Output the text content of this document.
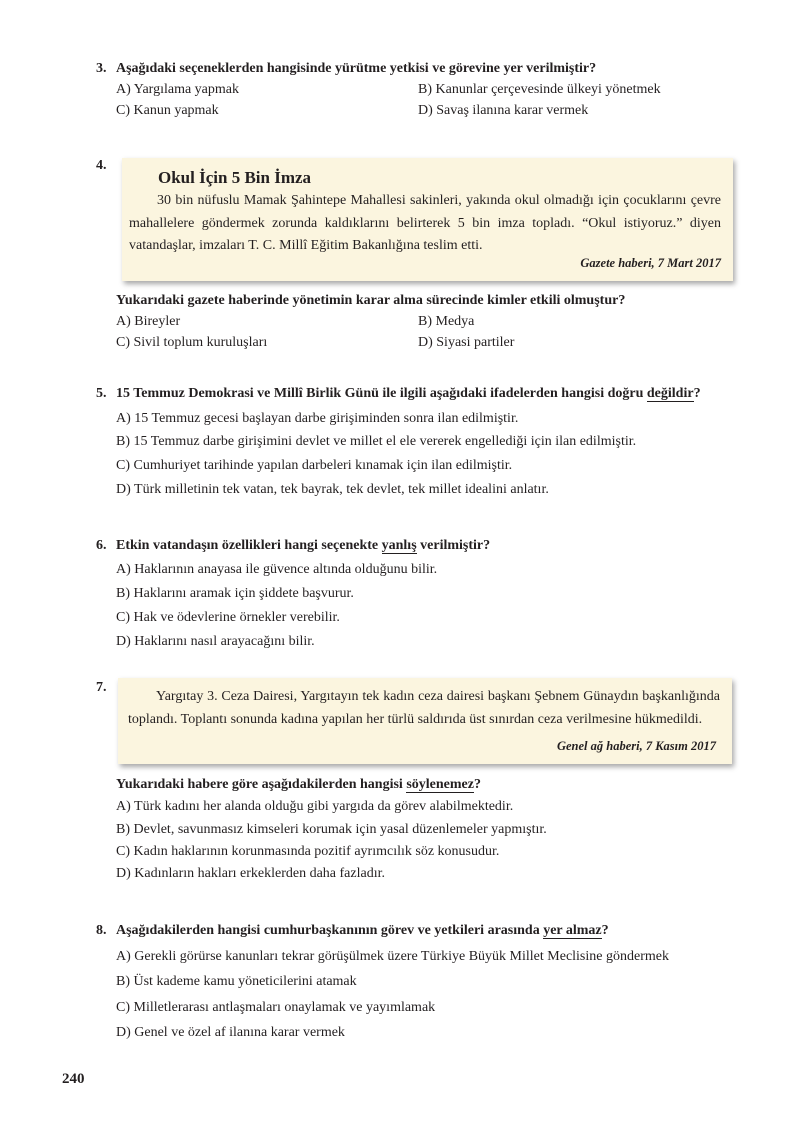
3. Aşağıdaki seçeneklerden hangisinde yürütme yetkisi ve görevine yer verilmiştir?
A) Yargılama yapmak	B) Kanunlar çerçevesinde ülkeyi yönetmek
C) Kanun yapmak	D) Savaş ilanına karar vermek
4.
Okul İçin 5 Bin İmza
30 bin nüfuslu Mamak Şahintepe Mahallesi sakinleri, yakında okul olmadığı için çocuklarını çevre mahallelere göndermek zorunda kaldıklarını belirterek 5 bin imza topladı. “Okul istiyoruz.” diyen vatandaşlar, imzaları T. C. Millî Eğitim Bakanlığına teslim etti.
Gazete haberi, 7 Mart 2017
Yukarıdaki gazete haberinde yönetimin karar alma sürecinde kimler etkili olmuştur?
A) Bireyler	B) Medya
C) Sivil toplum kuruluşları	D) Siyasi partiler
5. 15 Temmuz Demokrasi ve Millî Birlik Günü ile ilgili aşağıdaki ifadelerden hangisi doğru değildir?
A) 15 Temmuz gecesi başlayan darbe girişiminden sonra ilan edilmiştir.
B) 15 Temmuz darbe girişimini devlet ve millet el ele vererek engellediği için ilan edilmiştir.
C) Cumhuriyet tarihinde yapılan darbeleri kınamak için ilan edilmiştir.
D) Türk milletinin tek vatan, tek bayrak, tek devlet, tek millet idealini anlatır.
6. Etkin vatandaşın özellikleri hangi seçenekte yanlış verilmiştir?
A) Haklarının anayasa ile güvence altında olduğunu bilir.
B) Haklarını aramak için şiddete başvurur.
C) Hak ve ödevlerine örnekler verebilir.
D) Haklarını nasıl arayacağını bilir.
7.
Yargıtay 3. Ceza Dairesi, Yargıtayın tek kadın ceza dairesi başkanı Şebnem Günaydın başkanlığında toplandı. Toplantı sonunda kadına yapılan her türlü saldırıda üst sınırdan ceza verilmesine hükmedildi.
Genel ağ haberi, 7 Kasım 2017
Yukarıdaki habere göre aşağıdakilerden hangisi söylenemez?
A) Türk kadını her alanda olduğu gibi yargıda da görev alabilmektedir.
B) Devlet, savunmasız kimseleri korumak için yasal düzenlemeler yapmıştır.
C) Kadın haklarının korunmasında pozitif ayrımcılık söz konusudur.
D) Kadınların hakları erkeklerden daha fazladır.
8. Aşağıdakilerden hangisi cumhurbaşkanının görev ve yetkileri arasında yer almaz?
A) Gerekli görürse kanunları tekrar görüşülmek üzere Türkiye Büyük Millet Meclisine göndermek
B) Üst kademe kamu yöneticilerini atamak
C) Milletlerarası antlaşmaları onaylamak ve yayımlamak
D) Genel ve özel af ilanına karar vermek
240
